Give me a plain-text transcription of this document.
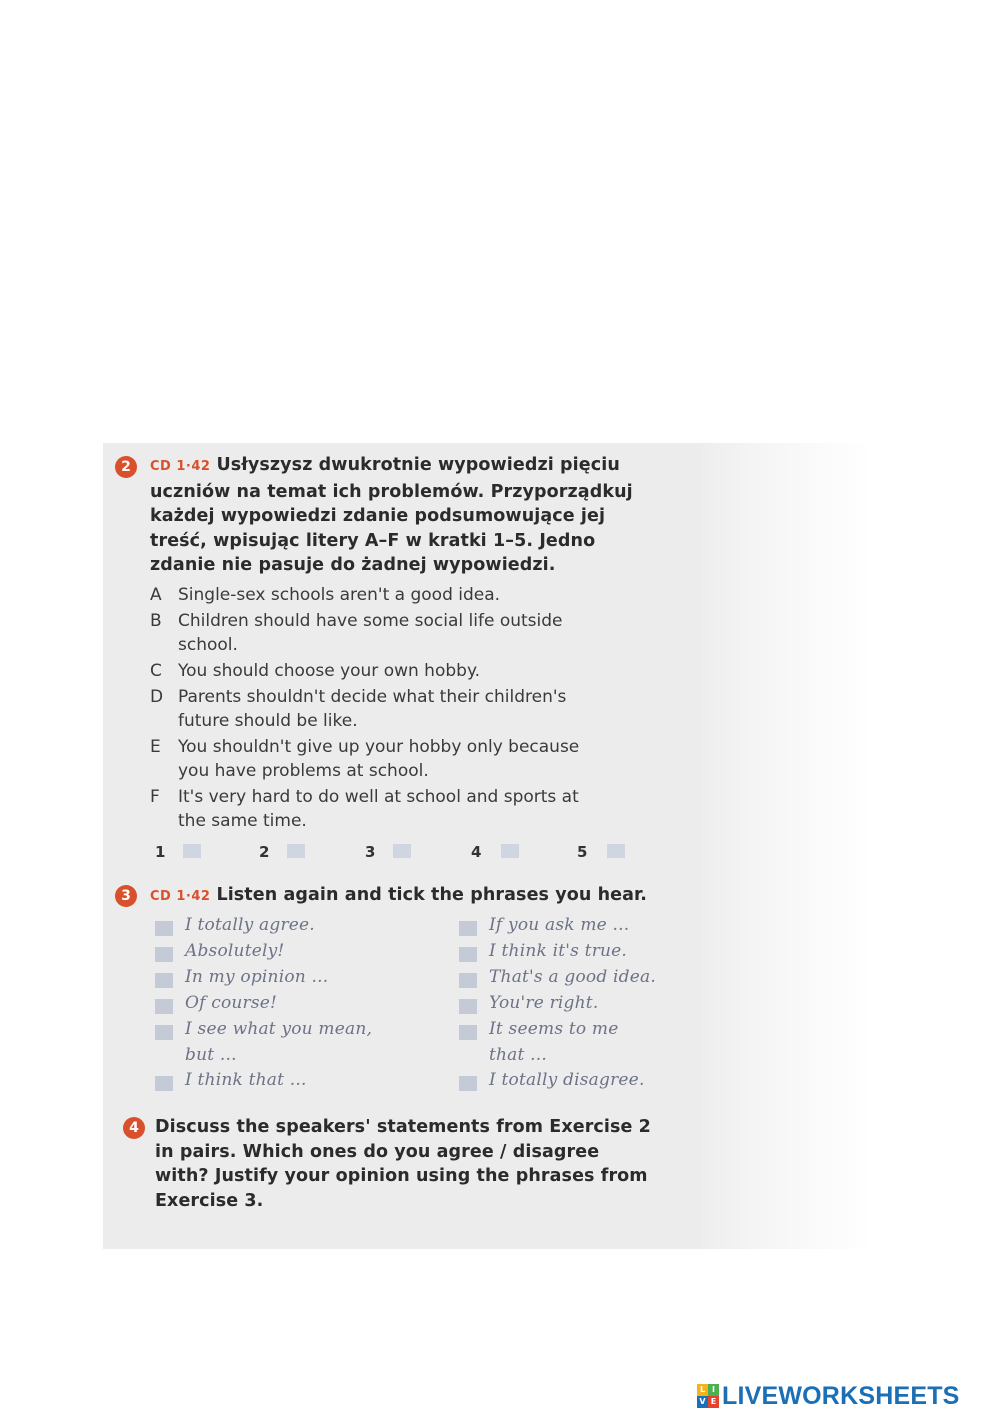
2	CD 1·42 Usłyszysz dwukrotnie wypowiedzi pięciu
uczniów na temat ich problemów. Przyporządkuj
każdej wypowiedzi zdanie podsumowujące jej
treść, wpisując litery A–F w kratki 1–5. Jedno
zdanie nie pasuje do żadnej wypowiedzi.
A Single-sex schools aren't a good idea.
B Children should have some social life outside
school.
C You should choose your own hobby.
D Parents shouldn't decide what their children's
future should be like.
E	You shouldn't give up your hobby only because
you have problems at school.
F	It's very hard to do well at school and sports at
the same time.
1	2	3	4	5
3	CD 1·42 Listen again and tick the phrases you hear.
I totally agree.
Absolutely!
In my opinion ...
Of course!
I see what you mean,
but ...
I think that ...
If you ask me ...
I think it's true.
That's a good idea.
You're right.
It seems to me
that ...
I totally disagree.
4 Discuss the speakers' statements from Exercise 2
in pairs. Which ones do you agree / disagree
with? Justify your opinion using the phrases from
Exercise 3.
L I
V E LIVEWORKSHEETS
